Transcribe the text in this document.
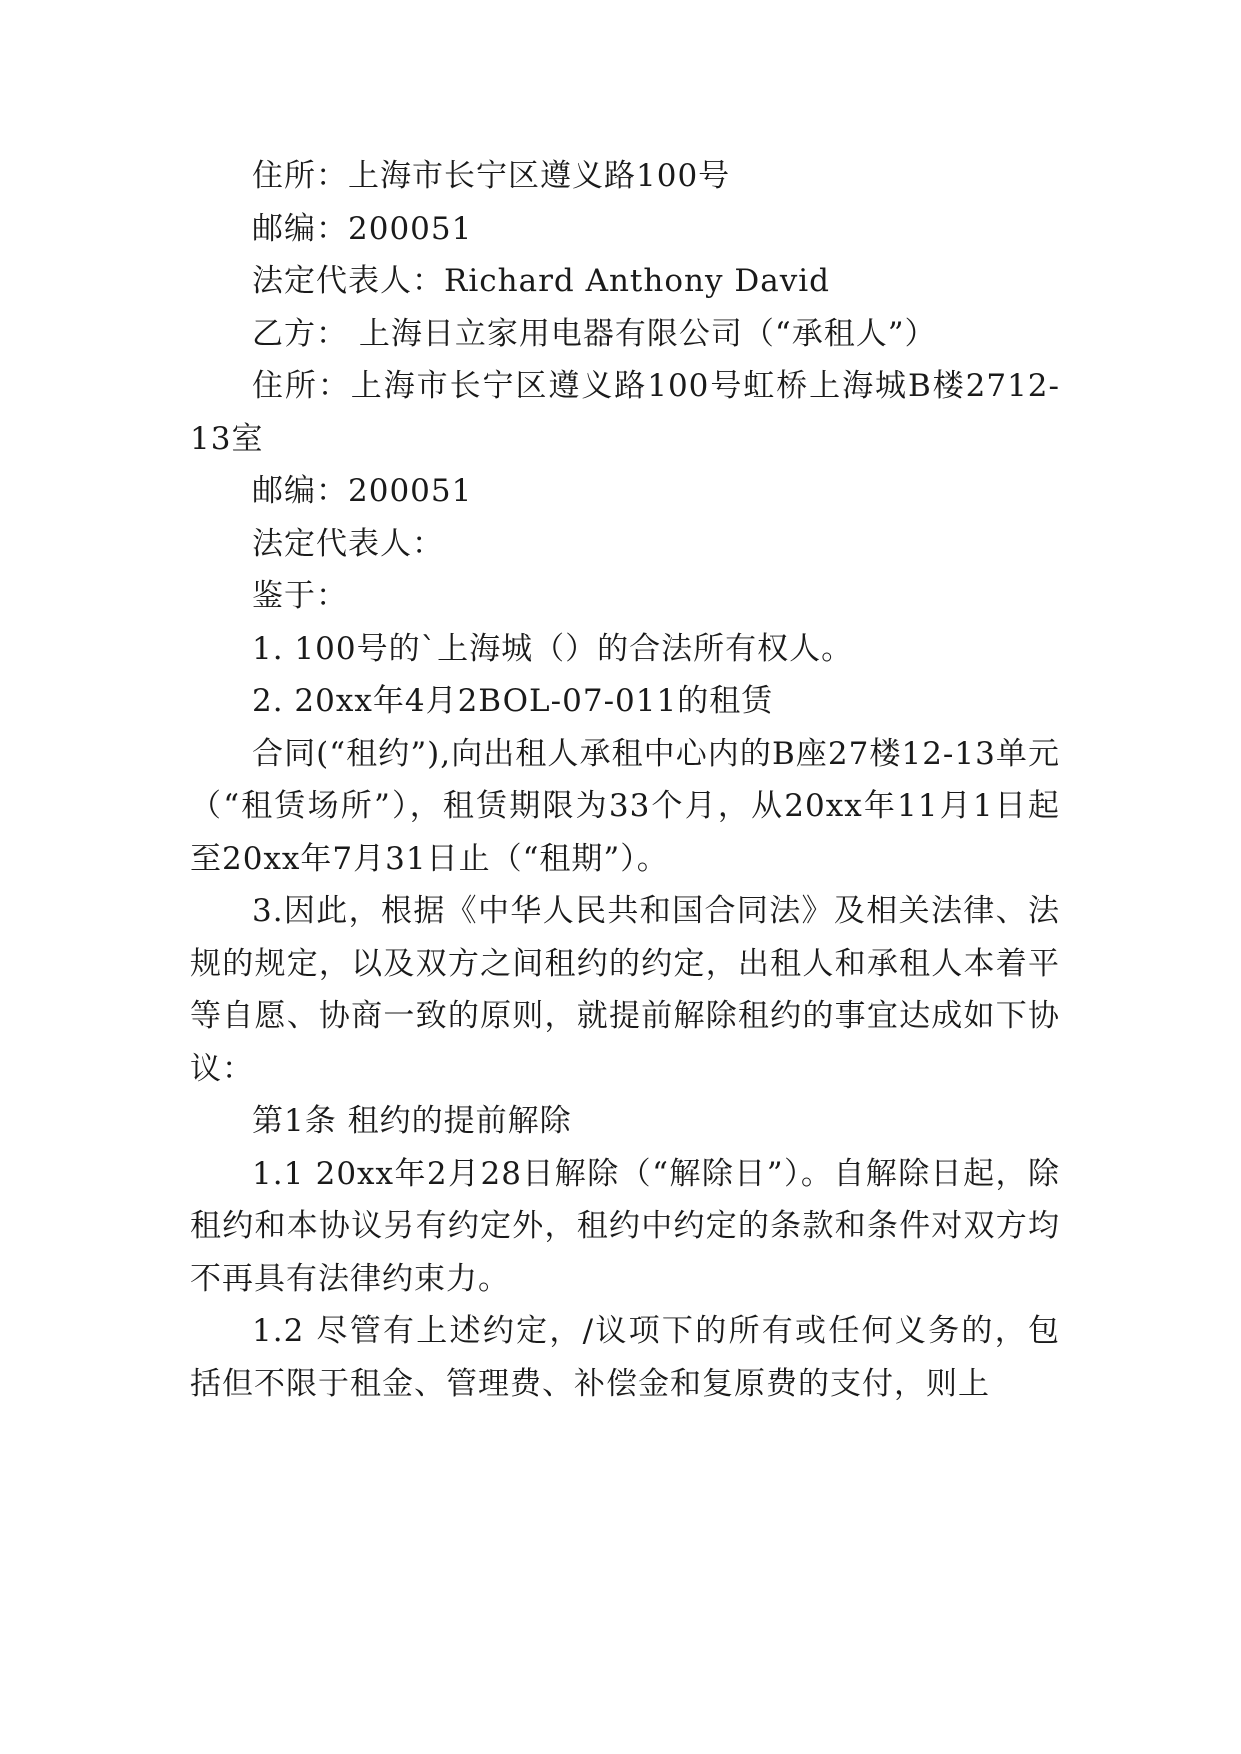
住所：上海市长宁区遵义路100号

邮编：200051

法定代表人：Richard Anthony David

乙方： 上海日立家用电器有限公司（“承租人”）

住所：上海市长宁区遵义路100号虹桥上海城B楼2712-13室

邮编：200051

法定代表人：

鉴于：

1. 100号的`上海城（）的合法所有权人。

2. 20xx年4月2BOL-07-011的租赁

合同(“租约”),向出租人承租中心内的B座27楼12-13单元（“租赁场所”），租赁期限为33个月，从20xx年11月1日起至20xx年7月31日止（“租期”）。

3.因此，根据《中华人民共和国合同法》及相关法律、法规的规定，以及双方之间租约的约定，出租人和承租人本着平等自愿、协商一致的原则，就提前解除租约的事宜达成如下协议：

第1条 租约的提前解除

1.1 20xx年2月28日解除（“解除日”）。自解除日起，除租约和本协议另有约定外，租约中约定的条款和条件对双方均不再具有法律约束力。

1.2 尽管有上述约定，/议项下的所有或任何义务的，包括但不限于租金、管理费、补偿金和复原费的支付，则上
